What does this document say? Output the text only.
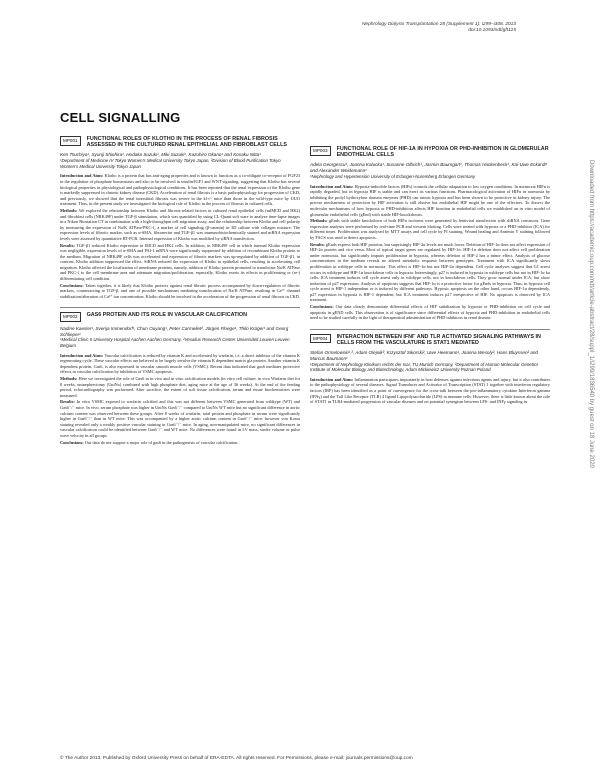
Nephrology Dialysis Transplantation 28 (Supplement 1): i299–i308, 2013
doi:10.1093/ndt/gft125
CELL SIGNALLING
MP001	FUNCTIONAL ROLES OF KLOTHO IN THE PROCESS OF RENAL FIBROSIS ASSESSED IN THE CULTURED RENAL EPITHELIAL AND FIBROBLAST CELLS
Ken Tsuchiya¹, Syunji Shiohira¹, Hodaka Suzuki¹, Miki Suzuki¹, Kazuhiro Okano¹ and Kosaku Nitta¹
¹Department of Medicine IV Tokyo Women's Medical University Tokyo Japan, ²Division of Blood Purification Tokyo Women's Medical University Tokyo Japan

Introduction and Aims: Klotho is a protein that has anti-aging properties and is known to function as a co-obligate co-receptor of FGF23 in the regulation of phosphate homeostasis and also to be involved in insulin/IGF1 and WNT signaling, suggesting that Klotho has several biological properties in physiological and pathophysiological conditions. It has been reported that the renal expression of the Klotho gene is markedly suppressed in chronic kidney disease (CKD). Acceleration of renal fibrosis is a basic pathophysiology for progression of CKD, and previously, we showed that the renal interstitial fibrosis was severe in the kl+/- mice than those in the wild-type mice by UUO treatment. Thus, in the present study we investigated the biological role of Klotho in the process of fibrosis in cultured cells.

Methods: We explored the relationship between Klotho and fibrosis-related factors in cultured renal epithelial cells (mIMCD and HK2) and fibroblast cells (NRK49F) under TGF-β stimulation, which was quantified by using CL-Quant soft ware to analyze time-lapse images in a Nikon Biostation CT in combination with a high-throughput cell migration assay, and the relationship between Klotho and cell polarity by measuring the expression of Na/K ATPase/PKC-ζ, a marker of cell signaling (β-catenin) in 3D culture with collagen mixture. The expression levels of fibrotic marker, such as α-SMA, fibronectin and TGF-β1 was immunohistochemically stained and mRNA expression levels were assessed by quantitative RT-PCR. Internal expression of Klotho was modified by siRNA transfection.

Results: TGF-β1 reduced Klotho expression in IMCD and HK2 cells. In addition, in NRK49F cell in which internal Klotho expression was negligible, expression levels of α-SMA and PAI-1 mRNA were significantly suppressed by addition of recombinant Klotho protein to the medium. Migration of NRK49F cells was accelerated and expression of fibrotic markers was up-regulated by addition of TGF-β1, in contrast, Klotho addition suppressed the effect. SiRNA reduced the expression of Klotho in epithelial cells, resulting in accelerating cell migration. Klotho affected the localization of membrane proteins, namely, addition of Klotho protein promoted to translocate Na/K ATPase and PKC-ζ to the cell membrane area and attenuate migration/proliferation, especially, Klotho exerts its effects in proliferating or (re-) differentiating cell condition.

Conclusions: Taken together, it is likely that Klotho protects against renal fibrotic process accompanied by down-regulation of fibrotic markers, counteracting to TGF-β, and one of possible mechanisms mediating translocation of Na/K ATPase, resulting in Ca²⁺ channel stabilization/alteration of Ca²⁺ ion concentration. Klotho should be involved in the acceleration of the progression of renal fibrosis in CKD.

MP002	GAS6 PROTEIN AND ITS ROLE IN VASCULAR CALCIFICATION
Nadine Kaesler¹, Svenja Immendorf¹, Chun Ouyang¹, Peter Carmeliet², Jürgen Floege¹, Thilo Krüger¹ and Georg Schlieper¹
¹Medical Clinic II University Hospital Aachen Aachen Germany, ²Vesalius Research Center Universiteit Leuven Leuven Belgium

Introduction and Aims: Vascular calcification is reduced by vitamin K and accelerated by warfarin, i.e. a direct inhibitor of the vitamin K regenerating cycle. These vascular effects are believed to be largely involve the vitamin K dependent matrix gla protein. Another vitamin K dependent protein, Gas6, is also expressed in vascular smooth muscle cells (VSMC). Recent data indicated that gas6 mediates protective effects in vascular calcification by inhibition of VSMC apoptosis.

Methods: Here we investigated the role of Gas6 in in vivo and in vitro calcification models (in vitro cell culture; in vivo Warfarin diet for 8 weeks, uninephrectomy (UniNx) combined with high phosphate diet, aging mice at the age of 36 weeks). At the end of the feeding period, echocardiography was performed. After sacrifice, the extent of soft tissue calcification, serum and tissue biochemistries were measured.

Results: In vitro VSMC exposed to warfarin calcified and this was not different between VSMC generated from wildtype (WT) and Gas6⁻/⁻ mice. In vivo, serum phosphate was higher in UniNx Gas6⁻/⁻ compared to UniNx WT mice but no significant difference in aortic calcium content was observed between these groups. After 8 weeks of warfarin, total protein and phosphate in serum were significantly higher in Gas6⁻/⁻ than in WT mice. This was accompanied by a higher aortic calcium content in Gas6⁻/⁻ mice, however von Kossa staining revealed only a weakly positive vascular staining in Gas6⁻/⁻ mice. In aging, non-manipulated mice, no significant differences in vascular calcification could be identified between Gas6⁻/⁻ and WT mice. No differences were found in LV mass, stroke volume or pulse wave velocity in all groups.

Conclusions: Our data do not support a major role of gas6 in the pathogenesis of vascular calcification.

MP003	FUNCTIONAL ROLE OF HIF-1Α IN HYPOXIA OR PHD-INHIBITION IN GLOMERULAR ENDOTHELIAL CELLS
Adela Georgescu¹, Joanna Kalucka¹, Susanne Olbrich¹, Jasmin Baumgart¹, Thomas Hackenbeck¹, Kai-Uwe Eckardt¹ and Alexander Weidemann¹
¹Nephrology and Hypertension University of Erlangen-Nuremberg Erlangen Germany

Introduction and Aims: Hypoxia-inducible factors (HIFs) controls the cellular adaptation to low oxygen conditions. In normoxia HIFα is rapidly degraded, but in hypoxia HIF is stable and can exert its various functions. Pharmacological activation of HIFα in normoxia by inhibiting the prolyl hydroxylase domain enzymes (PHD) can mimic hypoxia and has been shown to be protective in kidney injury. The precise mechanisms of protection by HIF activation is still elusive but endothelial HIF might be one of the effectors. To dissect the molecular mechanisms of how hypoxia or PHD-inhibition affects HIF function in endothelial cells we established an in vitro model of glomerular endothelial cells (gEnd) with stable HIF-knockdowns.

Methods: gEnds with stable knockdown of both HIFα isoforms were generated by lentiviral transfection with shRNA constructs. Gene expression analyses were performed by real-time PCR and western blotting. Cells were treated with hypoxia or a PHD-inhibitor (ICA) for different times. Proliferation was analysed by MTT assays and cell cycle by FI staining. Wound healing and Annexin V staining followed by FACS was used to detect apoptosis.

Results: gEnds express both HIF proteins, but surprisingly HIF-2α levels are much lower. Deletion of HIF-1α does not affect expression of HIF-2α protein and vice versa. Most of typical target genes are regulated by HIF-1α. HIF-1α deletion does not affect cell proliferation under normoxia, but significantly impairs proliferation in hypoxia, whereas deletion of HIF-2 has a minor effect. Analysis of glucose concentrations in the medium reveals no altered metabolic response between genotypes. Treatment with ICA significantly slows proliferation in wildtype cells in normoxia. This effect is HIF-1α but not HIF-2α dependent. Cell cycle analyses suggest that G1 arrest occurs in wildtype and HIF-1α knockdown cells in hypoxia. Interestingly, p27 is induced in hypoxia in wildtype cells but not in HIF-1α ko cells. ICA treatment induces cell cycle arrest only in wildtype cells, not in knockdown cells. They grow normal under ICA, but show induction of p27 expression. Analysis of apoptosis suggests that HIF-1α is a protective factor for gEnds in hypoxia. Thus, in hypoxia cell cycle arrest is HIF-1 independent or is induced by different pathways. Hypoxic apoptosis on the other hand, occurs HIF-1α dependently. p27 expression in hypoxia is HIF-1 dependent, but ICA treatment induces p27 irrespective of HIF. No apoptosis is observed by ICA treatment.

Conclusions: Our data clearly demonstrate differential effects of HIF stabilization by hypoxia or PHD-inhibition on cell cycle and apoptosis in gEND cells. This observation is of significance since differential effects of hypoxia and PHD-inhibition in endothelial cells need to be studied carefully in the light of therapeutical administration of PHD inhibitors in renal disease.

MP004	INTERACTION BETWEEN IFNΓ AND TLR ACTIVATED SIGNALING PATHWAYS IN CELLS FROM THE VASCULATURE IS STAT1 MEDIATED
Stefan Ormelowski¹,², Adam Olejnik², Krzysztof Sikorski², Uwe Heemann¹, Joanna Wesoly², Hans Bluyssen² and Marcus Baumann¹
¹Department of Nephrology Klinikum rechts der Isar, TU Munich Germany, ²Department of Human Molecular Genetics Institute of Molecular Biology and Biotechnology, Adam Mickiewicz University Poznan Poland

Introduction and Aims: Inflammation participates importantly in host defenses against infectious agents and injury, but it also contributes to the pathophysiology of several diseases. Signal Transducer and Activator of Transcription (STAT) 1 together with interferon regulatory factors (IRF) has been identified as a point of convergence for the cross-talk between the pro-inflammatory cytokine Interferon gamma (IFNγ) and the Toll Like Receptor (TLR) 4 ligand Lipopolysaccharide (LPS) in immune cells. However, there is little known about the role of STAT1 in TLR4-mediated progression of vascular diseases and on potential synergism between LPS- and INFγ signaling in

© The Author 2013. Published by Oxford University Press on behalf of ERA-EDTA. All rights reserved. For Permissions, please e-mail: journals.permissions@oup.com
Downloaded from https://academic.oup.com/ndt/article-abstract/28/suppl_1/i299/1836540 by guest on 18 June 2020
